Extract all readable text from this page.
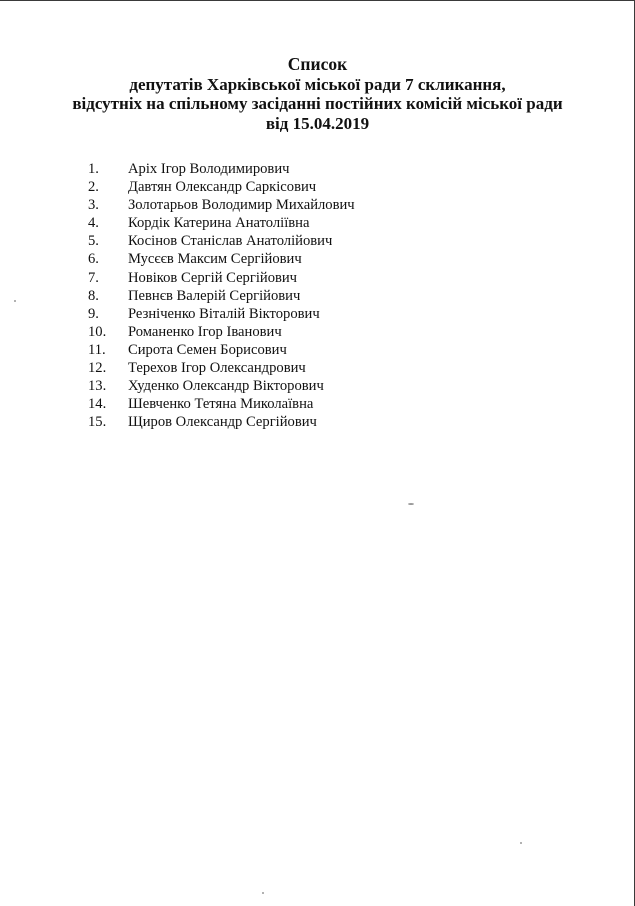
Список
депутатів Харківської міської ради 7 скликання,
відсутніх на спільному засіданні постійних комісій міської ради
від 15.04.2019
1.	Аріх Ігор Володимирович
2.	Давтян Олександр Саркісович
3.	Золотарьов Володимир Михайлович
4.	Кордік Катерина Анатоліївна
5.	Косінов Станіслав Анатолійович
6.	Мусєєв Максим Сергійович
7.	Новіков Сергій Сергійович
8.	Певнєв Валерій Сергійович
9.	Резніченко Віталій Вікторович
10.	Романенко Ігор Іванович
11.	Сирота Семен Борисович
12.	Терехов Ігор Олександрович
13.	Худенко Олександр Вікторович
14.	Шевченко Тетяна Миколаївна
15.	Щиров Олександр Сергійович
